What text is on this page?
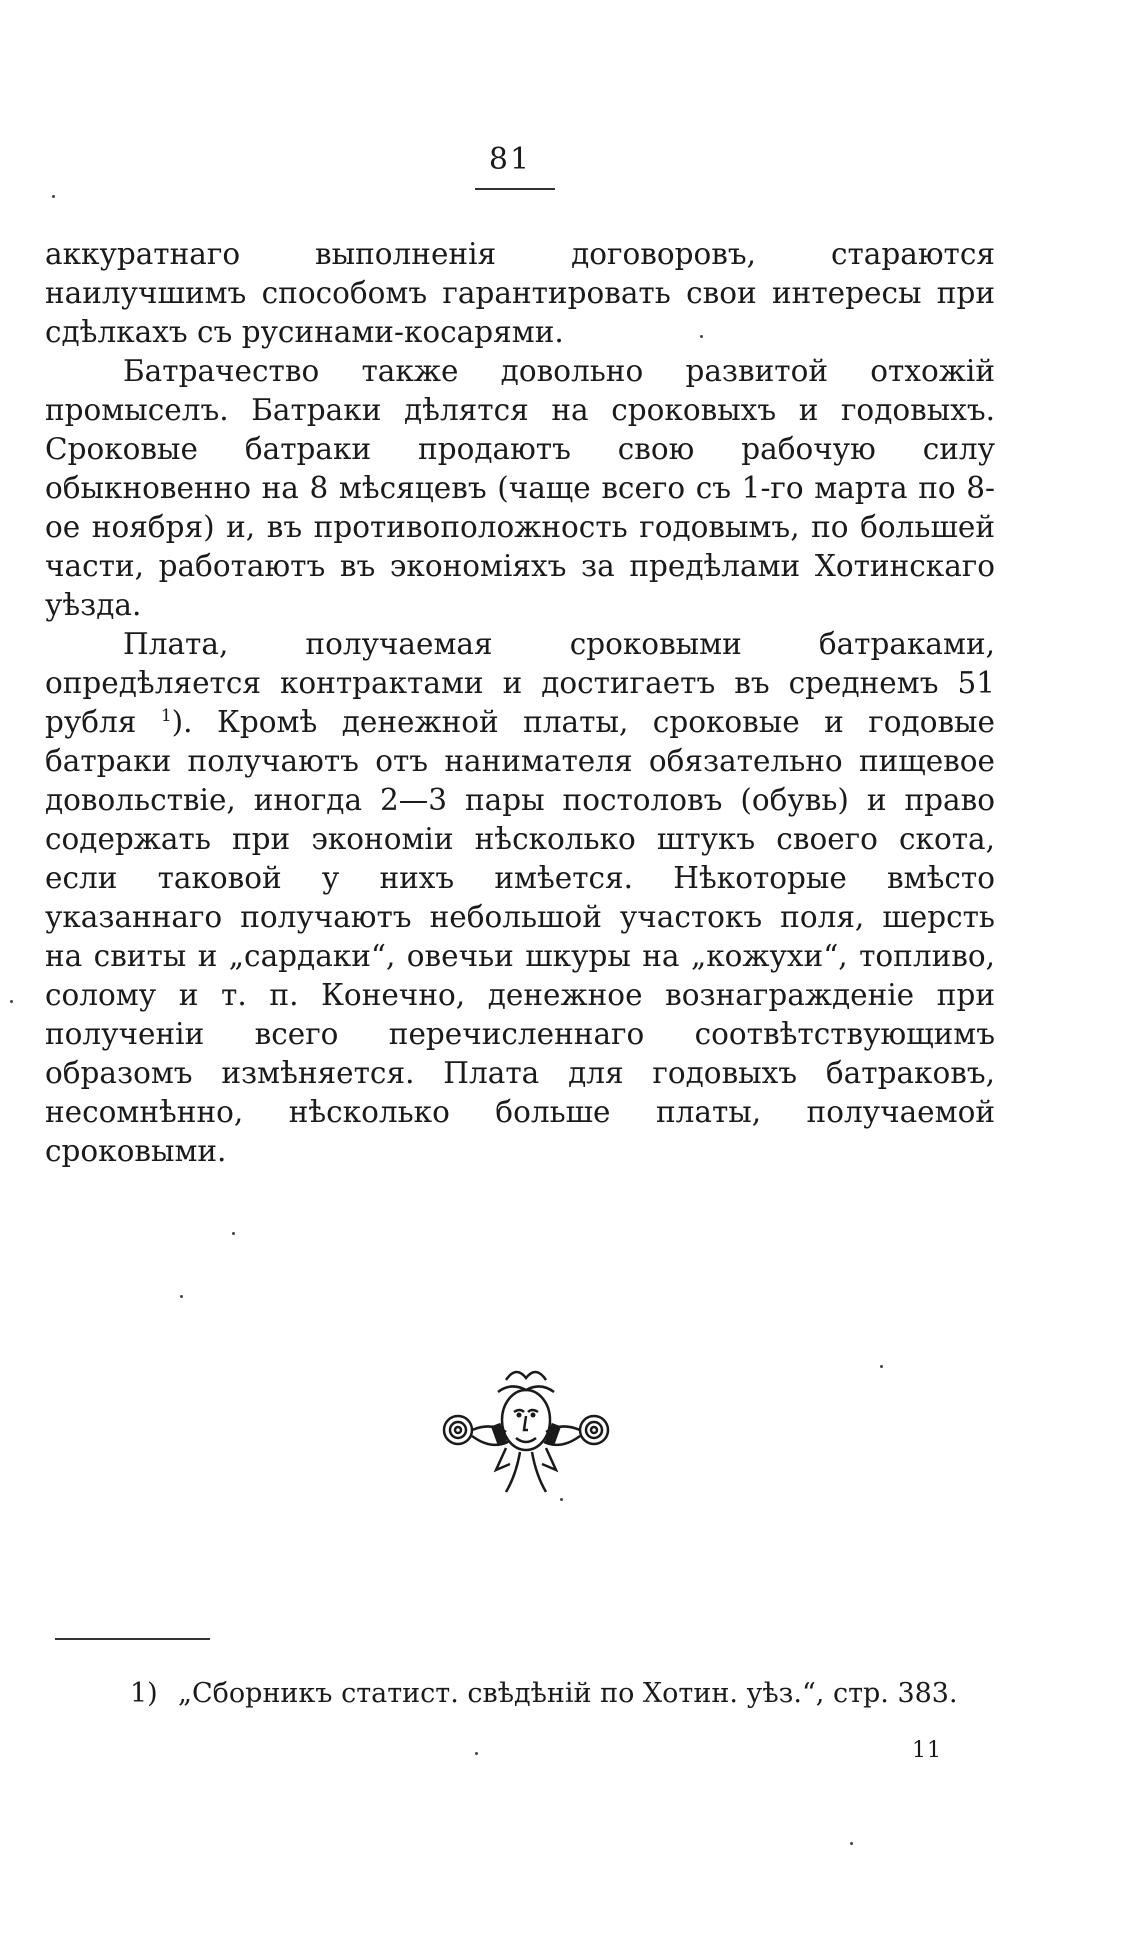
81

аккуратнаго выполненія договоровъ, стараются наилучшимъ способомъ гарантировать свои интересы при сдѣлкахъ съ русинами-косарями.

Батрачество также довольно развитой отхожій промыселъ. Батраки дѣлятся на сроковыхъ и годовыхъ. Сроковые батраки продаютъ свою рабочую силу обыкновенно на 8 мѣсяцевъ (чаще всего съ 1-го марта по 8-ое ноября) и, въ противоположность годовымъ, по большей части, работаютъ въ экономіяхъ за предѣлами Хотинскаго уѣзда.

Плата, получаемая сроковыми батраками, опредѣляется контрактами и достигаетъ въ среднемъ 51 рубля $^1$). Кромѣ денежной платы, сроковые и годовые батраки получаютъ отъ нанимателя обязательно пищевое довольствіе, иногда 2—3 пары постоловъ (обувь) и право содержать при экономіи нѣсколько штукъ своего скота, если таковой у нихъ имѣется. Нѣкоторые вмѣсто указаннаго получаютъ небольшой участокъ поля, шерсть на свиты и „сардаки“, овечьи шкуры на „кожухи“, топливо, солому и т. п. Конечно, денежное вознагражденіе при полученіи всего перечисленнаго соотвѣтствующимъ образомъ измѣняется. Плата для годовыхъ батраковъ, несомнѣнно, нѣсколько больше платы, получаемой сроковыми.

1) „Сборникъ статист. свѣдѣній по Хотин. уѣз.“, стр. 383.
11
